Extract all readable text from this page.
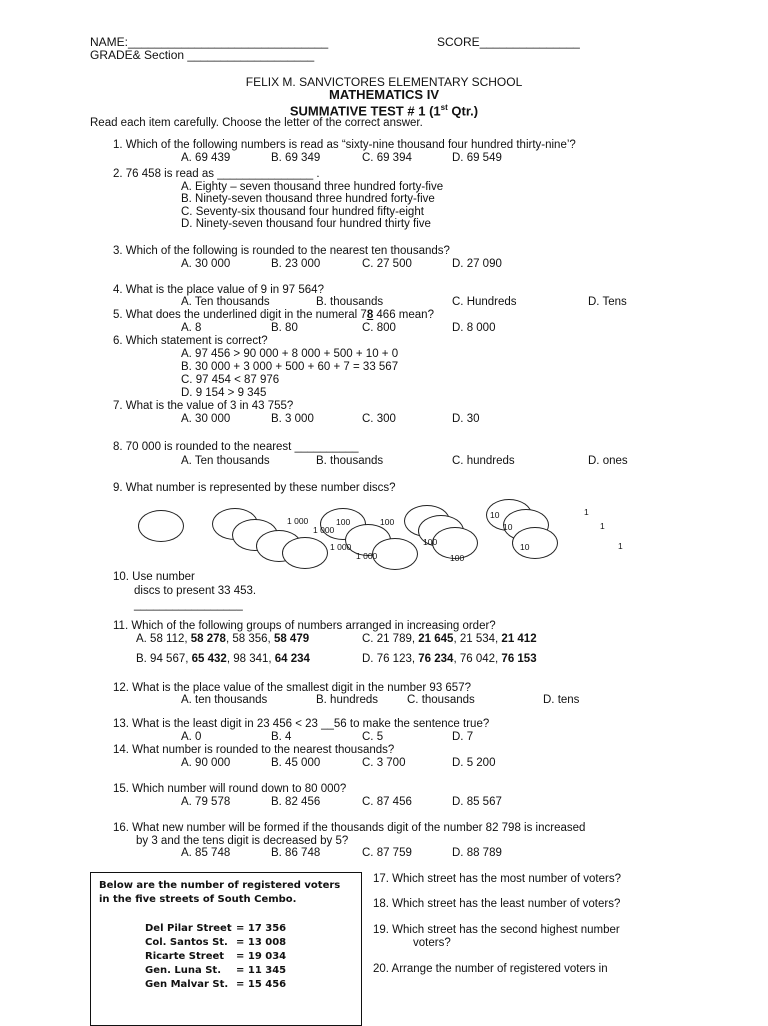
NAME:______________________________	SCORE_______________
GRADE& Section ___________________
FELIX M. SANVICTORES ELEMENTARY SCHOOL
MATHEMATICS IV
SUMMATIVE TEST # 1 (1st Qtr.)
Read each item carefully. Choose the letter of the correct answer.
1. Which of the following numbers is read as “sixty-nine thousand four hundred thirty-nine’?
A. 69 439	B. 69 349	C. 69 394	D. 69 549
2. 76 458 is read as _______________ .
A. Eighty – seven thousand three hundred forty-five
B. Ninety-seven thousand three hundred forty-five
C. Seventy-six thousand four hundred fifty-eight
D. Ninety-seven thousand four hundred thirty five
3. Which of the following is rounded to the nearest ten thousands?
A. 30 000	B. 23 000	C. 27 500	D. 27 090
4. What is the place value of 9 in 97 564?
A. Ten thousands	B. thousands	C. Hundreds	D. Tens
5. What does the underlined digit in the numeral 78 466 mean?
A. 8	B. 80	C. 800	D. 8 000
6. Which statement is correct?
A. 97 456 > 90 000 + 8 000 + 500 + 10 + 0
B. 30 000 + 3 000 + 500 + 60 + 7 = 33 567
C. 97 454 < 87 976
D. 9 154 > 9 345
7. What is the value of 3 in 43 755?
A. 30 000	B. 3 000	C. 300	D. 30
8. 70 000 is rounded to the nearest __________
A. Ten thousands	B. thousands	C. hundreds	D. ones
9. What number is represented by these number discs?
1 000
1 000
100	100
1 000
1 000
100
100
10
10
10
1
1
1
10. Use number
discs to present 33 453.
_________________
11. Which of the following groups of numbers arranged in increasing order?
A. 58 112, 58 278, 58 356, 58 479	C. 21 789, 21 645, 21 534, 21 412
B. 94 567, 65 432, 98 341, 64 234	D. 76 123, 76 234, 76 042, 76 153
12. What is the place value of the smallest digit in the number 93 657?
A. ten thousands	B. hundreds	C. thousands	D. tens
13. What is the least digit in 23 456 < 23 __56 to make the sentence true?
A. 0	B. 4	C. 5	D. 7
14. What number is rounded to the nearest thousands?
A. 90 000	B. 45 000	C. 3 700	D. 5 200
15. Which number will round down to 80 000?
A. 79 578	B. 82 456	C. 87 456	D. 85 567
16. What new number will be formed if the thousands digit of the number 82 798 is increased
by 3 and the tens digit is decreased by 5?
A. 85 748	B. 86 748	C. 87 759	D. 88 789
Below are the number of registered voters
in the five streets of South Cembo.
Del Pilar Street = 17 356
Col. Santos St. = 13 008
Ricarte Street = 19 034
Gen. Luna St. = 11 345
Gen Malvar St. = 15 456
17. Which street has the most number of voters?
18. Which street has the least number of voters?
19. Which street has the second highest number
voters?
20. Arrange the number of registered voters in
